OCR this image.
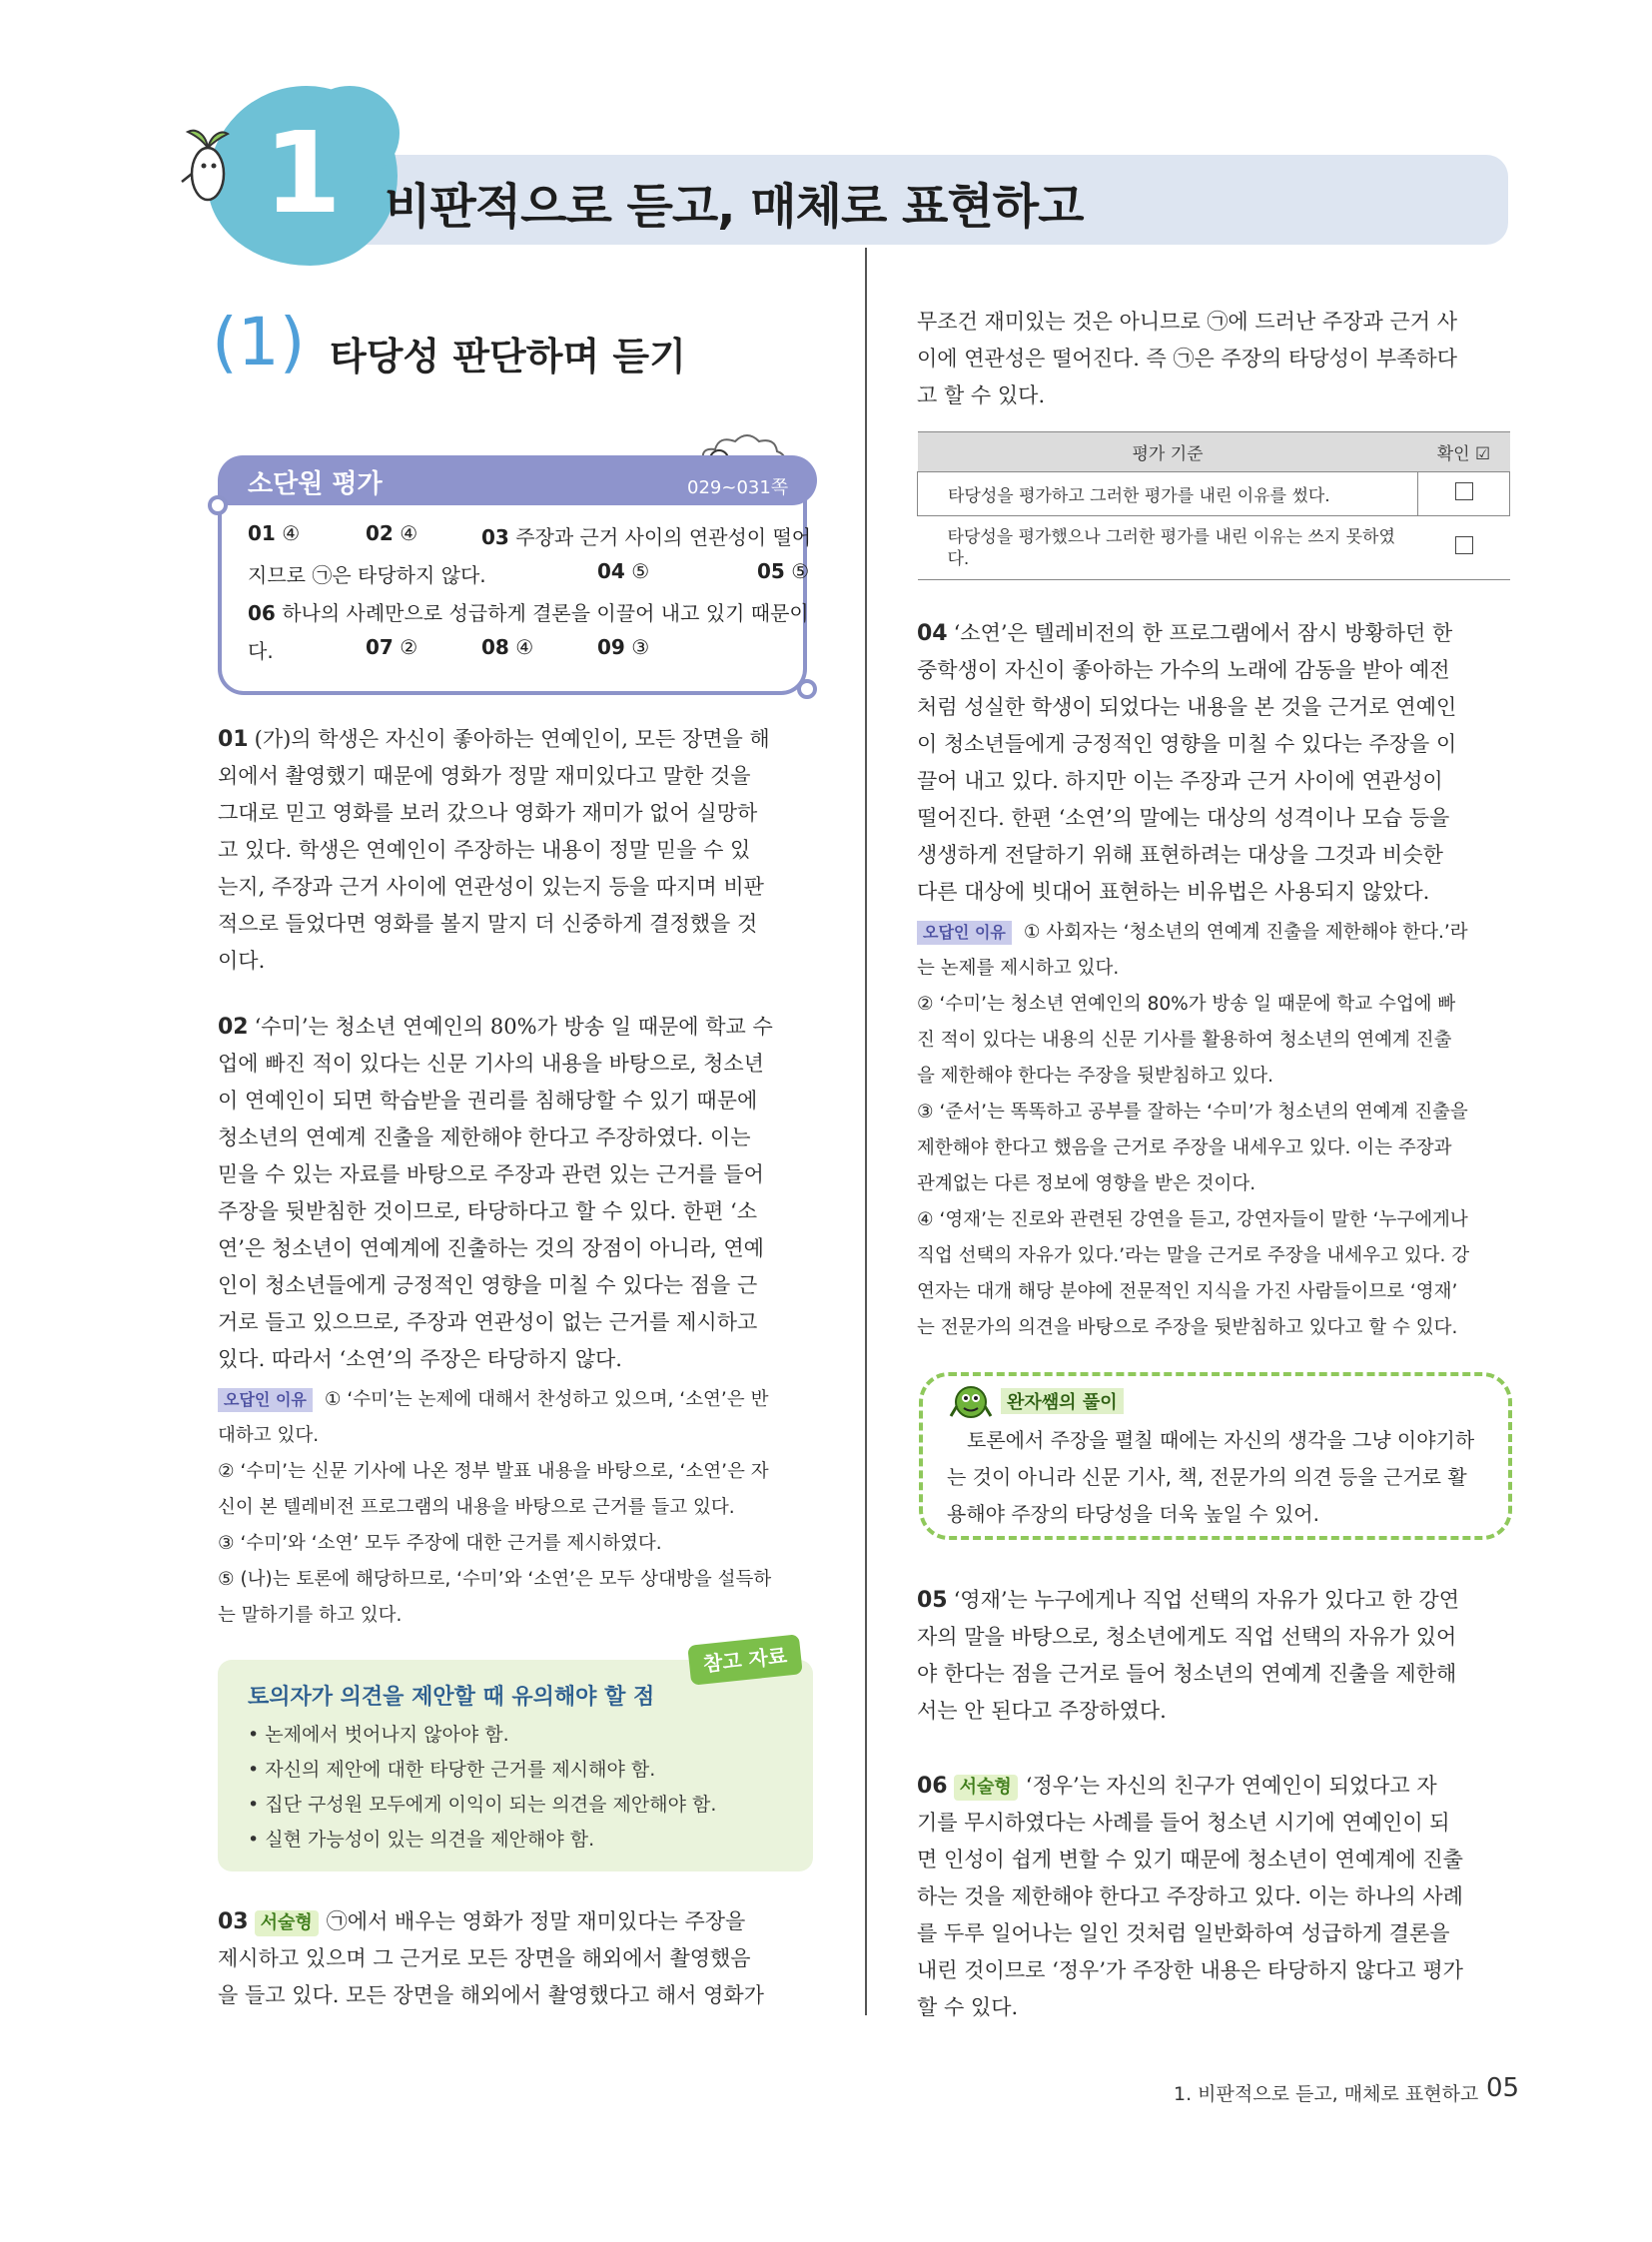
1 비판적으로 듣고, 매체로 표현하고
(1) 타당성 판단하며 듣기
소단원 평가	029~031쪽
01 ④	02 ④	03 주장과 근거 사이의 연관성이 떨어
지므로 ㉠은 타당하지 않다.	04 ⑤	05 ⑤
06 하나의 사례만으로 성급하게 결론을 이끌어 내고 있기 때문이
다.	07 ②	08 ④	09 ③
01 (가)의 학생은 자신이 좋아하는 연예인이, 모든 장면을 해
외에서 촬영했기 때문에 영화가 정말 재미있다고 말한 것을
그대로 믿고 영화를 보러 갔으나 영화가 재미가 없어 실망하
고 있다. 학생은 연예인이 주장하는 내용이 정말 믿을 수 있
는지, 주장과 근거 사이에 연관성이 있는지 등을 따지며 비판
적으로 들었다면 영화를 볼지 말지 더 신중하게 결정했을 것
이다.
02 ‘수미’는 청소년 연예인의 80%가 방송 일 때문에 학교 수
업에 빠진 적이 있다는 신문 기사의 내용을 바탕으로, 청소년
이 연예인이 되면 학습받을 권리를 침해당할 수 있기 때문에
청소년의 연예계 진출을 제한해야 한다고 주장하였다. 이는
믿을 수 있는 자료를 바탕으로 주장과 관련 있는 근거를 들어
주장을 뒷받침한 것이므로, 타당하다고 할 수 있다. 한편 ‘소
연’은 청소년이 연예계에 진출하는 것의 장점이 아니라, 연예
인이 청소년들에게 긍정적인 영향을 미칠 수 있다는 점을 근
거로 들고 있으므로, 주장과 연관성이 없는 근거를 제시하고
있다. 따라서 ‘소연’의 주장은 타당하지 않다.
오답인 이유 ① ‘수미’는 논제에 대해서 찬성하고 있으며, ‘소연’은 반
대하고 있다.
② ‘수미’는 신문 기사에 나온 정부 발표 내용을 바탕으로, ‘소연’은 자
신이 본 텔레비전 프로그램의 내용을 바탕으로 근거를 들고 있다.
③ ‘수미’와 ‘소연’ 모두 주장에 대한 근거를 제시하였다.
⑤ (나)는 토론에 해당하므로, ‘수미’와 ‘소연’은 모두 상대방을 설득하
는 말하기를 하고 있다.
참고 자료
토의자가 의견을 제안할 때 유의해야 할 점
• 논제에서 벗어나지 않아야 함.
• 자신의 제안에 대한 타당한 근거를 제시해야 함.
• 집단 구성원 모두에게 이익이 되는 의견을 제안해야 함.
• 실현 가능성이 있는 의견을 제안해야 함.
03 서술형 ㉠에서 배우는 영화가 정말 재미있다는 주장을
제시하고 있으며 그 근거로 모든 장면을 해외에서 촬영했음
을 들고 있다. 모든 장면을 해외에서 촬영했다고 해서 영화가
무조건 재미있는 것은 아니므로 ㉠에 드러난 주장과 근거 사
이에 연관성은 떨어진다. 즉 ㉠은 주장의 타당성이 부족하다
고 할 수 있다.
평가 기준	확인 ☑
타당성을 평가하고 그러한 평가를 내린 이유를 썼다.	
타당성을 평가했으나 그러한 평가를 내린 이유는 쓰지 못하였다.	
04 ‘소연’은 텔레비전의 한 프로그램에서 잠시 방황하던 한
중학생이 자신이 좋아하는 가수의 노래에 감동을 받아 예전
처럼 성실한 학생이 되었다는 내용을 본 것을 근거로 연예인
이 청소년들에게 긍정적인 영향을 미칠 수 있다는 주장을 이
끌어 내고 있다. 하지만 이는 주장과 근거 사이에 연관성이
떨어진다. 한편 ‘소연’의 말에는 대상의 성격이나 모습 등을
생생하게 전달하기 위해 표현하려는 대상을 그것과 비슷한
다른 대상에 빗대어 표현하는 비유법은 사용되지 않았다.
오답인 이유 ① 사회자는 ‘청소년의 연예계 진출을 제한해야 한다.’라
는 논제를 제시하고 있다.
② ‘수미’는 청소년 연예인의 80%가 방송 일 때문에 학교 수업에 빠
진 적이 있다는 내용의 신문 기사를 활용하여 청소년의 연예계 진출
을 제한해야 한다는 주장을 뒷받침하고 있다.
③ ‘준서’는 똑똑하고 공부를 잘하는 ‘수미’가 청소년의 연예계 진출을
제한해야 한다고 했음을 근거로 주장을 내세우고 있다. 이는 주장과
관계없는 다른 정보에 영향을 받은 것이다.
④ ‘영재’는 진로와 관련된 강연을 듣고, 강연자들이 말한 ‘누구에게나
직업 선택의 자유가 있다.’라는 말을 근거로 주장을 내세우고 있다. 강
연자는 대개 해당 분야에 전문적인 지식을 가진 사람들이므로 ‘영재’
는 전문가의 의견을 바탕으로 주장을 뒷받침하고 있다고 할 수 있다.
완자쌤의 풀이
토론에서 주장을 펼칠 때에는 자신의 생각을 그냥 이야기하
는 것이 아니라 신문 기사, 책, 전문가의 의견 등을 근거로 활
용해야 주장의 타당성을 더욱 높일 수 있어.
05 ‘영재’는 누구에게나 직업 선택의 자유가 있다고 한 강연
자의 말을 바탕으로, 청소년에게도 직업 선택의 자유가 있어
야 한다는 점을 근거로 들어 청소년의 연예계 진출을 제한해
서는 안 된다고 주장하였다.
06 서술형 ‘정우’는 자신의 친구가 연예인이 되었다고 자
기를 무시하였다는 사례를 들어 청소년 시기에 연예인이 되
면 인성이 쉽게 변할 수 있기 때문에 청소년이 연예계에 진출
하는 것을 제한해야 한다고 주장하고 있다. 이는 하나의 사례
를 두루 일어나는 일인 것처럼 일반화하여 성급하게 결론을
내린 것이므로 ‘정우’가 주장한 내용은 타당하지 않다고 평가
할 수 있다.
1. 비판적으로 듣고, 매체로 표현하고 05
